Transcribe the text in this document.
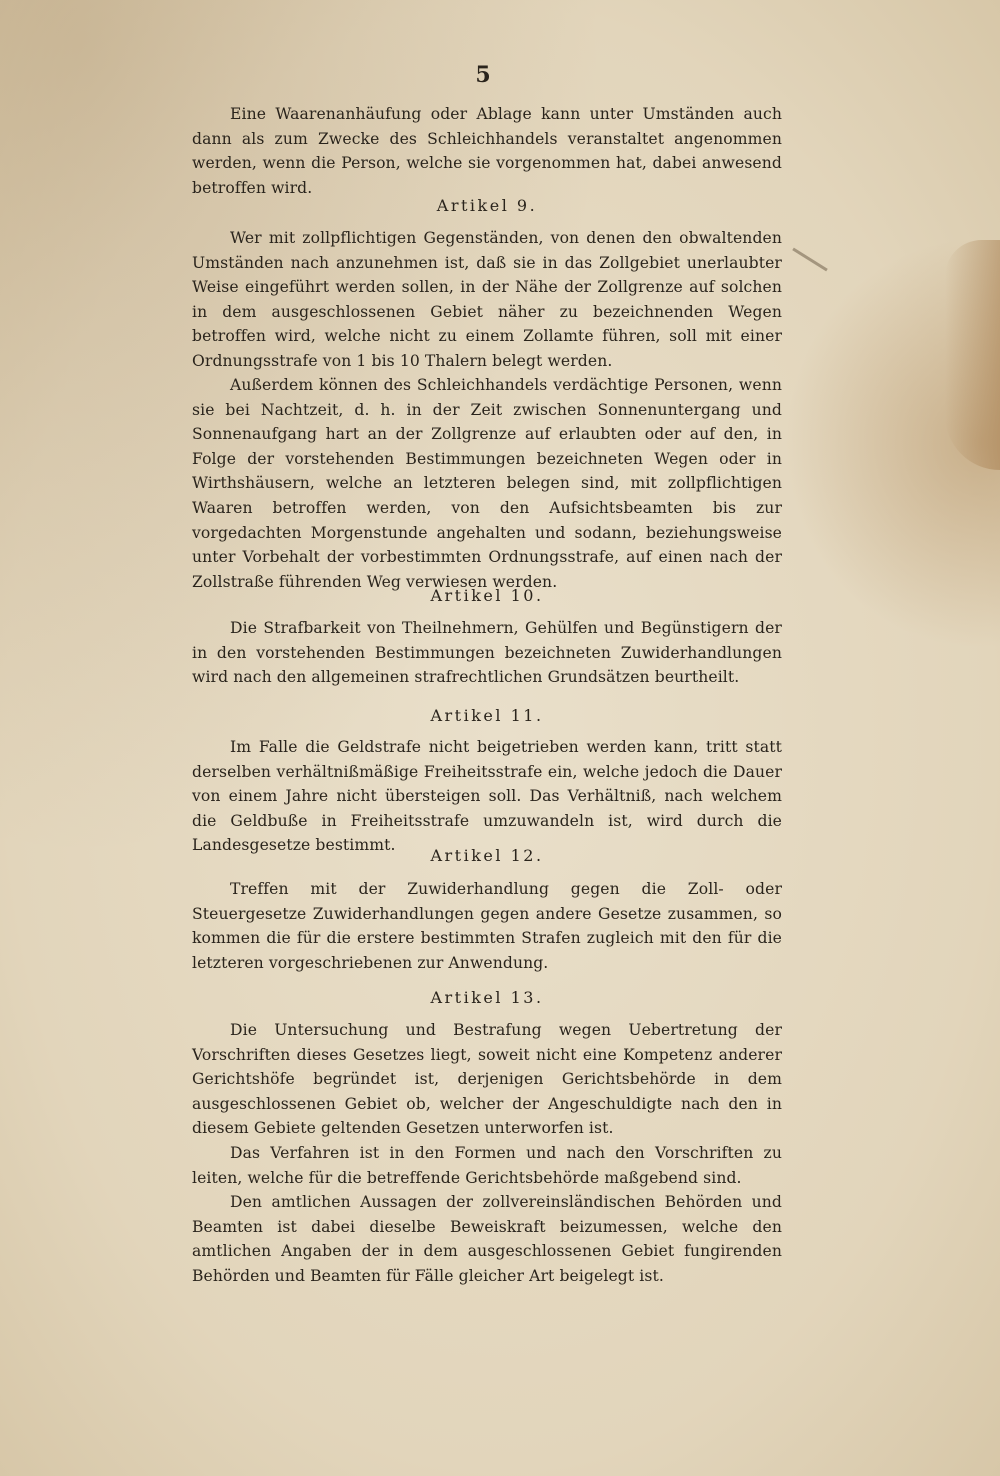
5

Eine Waarenanhäufung oder Ablage kann unter Umständen auch dann als zum Zwecke des Schleichhandels veranstaltet angenommen werden, wenn die Person, welche sie vorgenommen hat, dabei anwesend betroffen wird.

Artikel 9.

Wer mit zollpflichtigen Gegenständen, von denen den obwaltenden Umständen nach anzunehmen ist, daß sie in das Zollgebiet unerlaubter Weise eingeführt werden sollen, in der Nähe der Zollgrenze auf solchen in dem ausgeschlossenen Gebiet näher zu bezeichnenden Wegen betroffen wird, welche nicht zu einem Zollamte führen, soll mit einer Ordnungsstrafe von 1 bis 10 Thalern belegt werden.

Außerdem können des Schleichhandels verdächtige Personen, wenn sie bei Nachtzeit, d. h. in der Zeit zwischen Sonnenuntergang und Sonnenaufgang hart an der Zollgrenze auf erlaubten oder auf den, in Folge der vorstehenden Bestimmungen bezeichneten Wegen oder in Wirthshäusern, welche an letzteren belegen sind, mit zollpflichtigen Waaren betroffen werden, von den Aufsichtsbeamten bis zur vorgedachten Morgenstunde angehalten und sodann, beziehungsweise unter Vorbehalt der vorbestimmten Ordnungsstrafe, auf einen nach der Zollstraße führenden Weg verwiesen werden.

Artikel 10.

Die Strafbarkeit von Theilnehmern, Gehülfen und Begünstigern der in den vorstehenden Bestimmungen bezeichneten Zuwiderhandlungen wird nach den allgemeinen strafrechtlichen Grundsätzen beurtheilt.

Artikel 11.

Im Falle die Geldstrafe nicht beigetrieben werden kann, tritt statt derselben verhältnißmäßige Freiheitsstrafe ein, welche jedoch die Dauer von einem Jahre nicht übersteigen soll. Das Verhältniß, nach welchem die Geldbuße in Freiheitsstrafe umzuwandeln ist, wird durch die Landesgesetze bestimmt.

Artikel 12.

Treffen mit der Zuwiderhandlung gegen die Zoll- oder Steuergesetze Zuwiderhandlungen gegen andere Gesetze zusammen, so kommen die für die erstere bestimmten Strafen zugleich mit den für die letzteren vorgeschriebenen zur Anwendung.

Artikel 13.

Die Untersuchung und Bestrafung wegen Uebertretung der Vorschriften dieses Gesetzes liegt, soweit nicht eine Kompetenz anderer Gerichtshöfe begründet ist, derjenigen Gerichtsbehörde in dem ausgeschlossenen Gebiet ob, welcher der Angeschuldigte nach den in diesem Gebiete geltenden Gesetzen unterworfen ist.

Das Verfahren ist in den Formen und nach den Vorschriften zu leiten, welche für die betreffende Gerichtsbehörde maßgebend sind.

Den amtlichen Aussagen der zollvereinsländischen Behörden und Beamten ist dabei dieselbe Beweiskraft beizumessen, welche den amtlichen Angaben der in dem ausgeschlossenen Gebiet fungirenden Behörden und Beamten für Fälle gleicher Art beigelegt ist.
